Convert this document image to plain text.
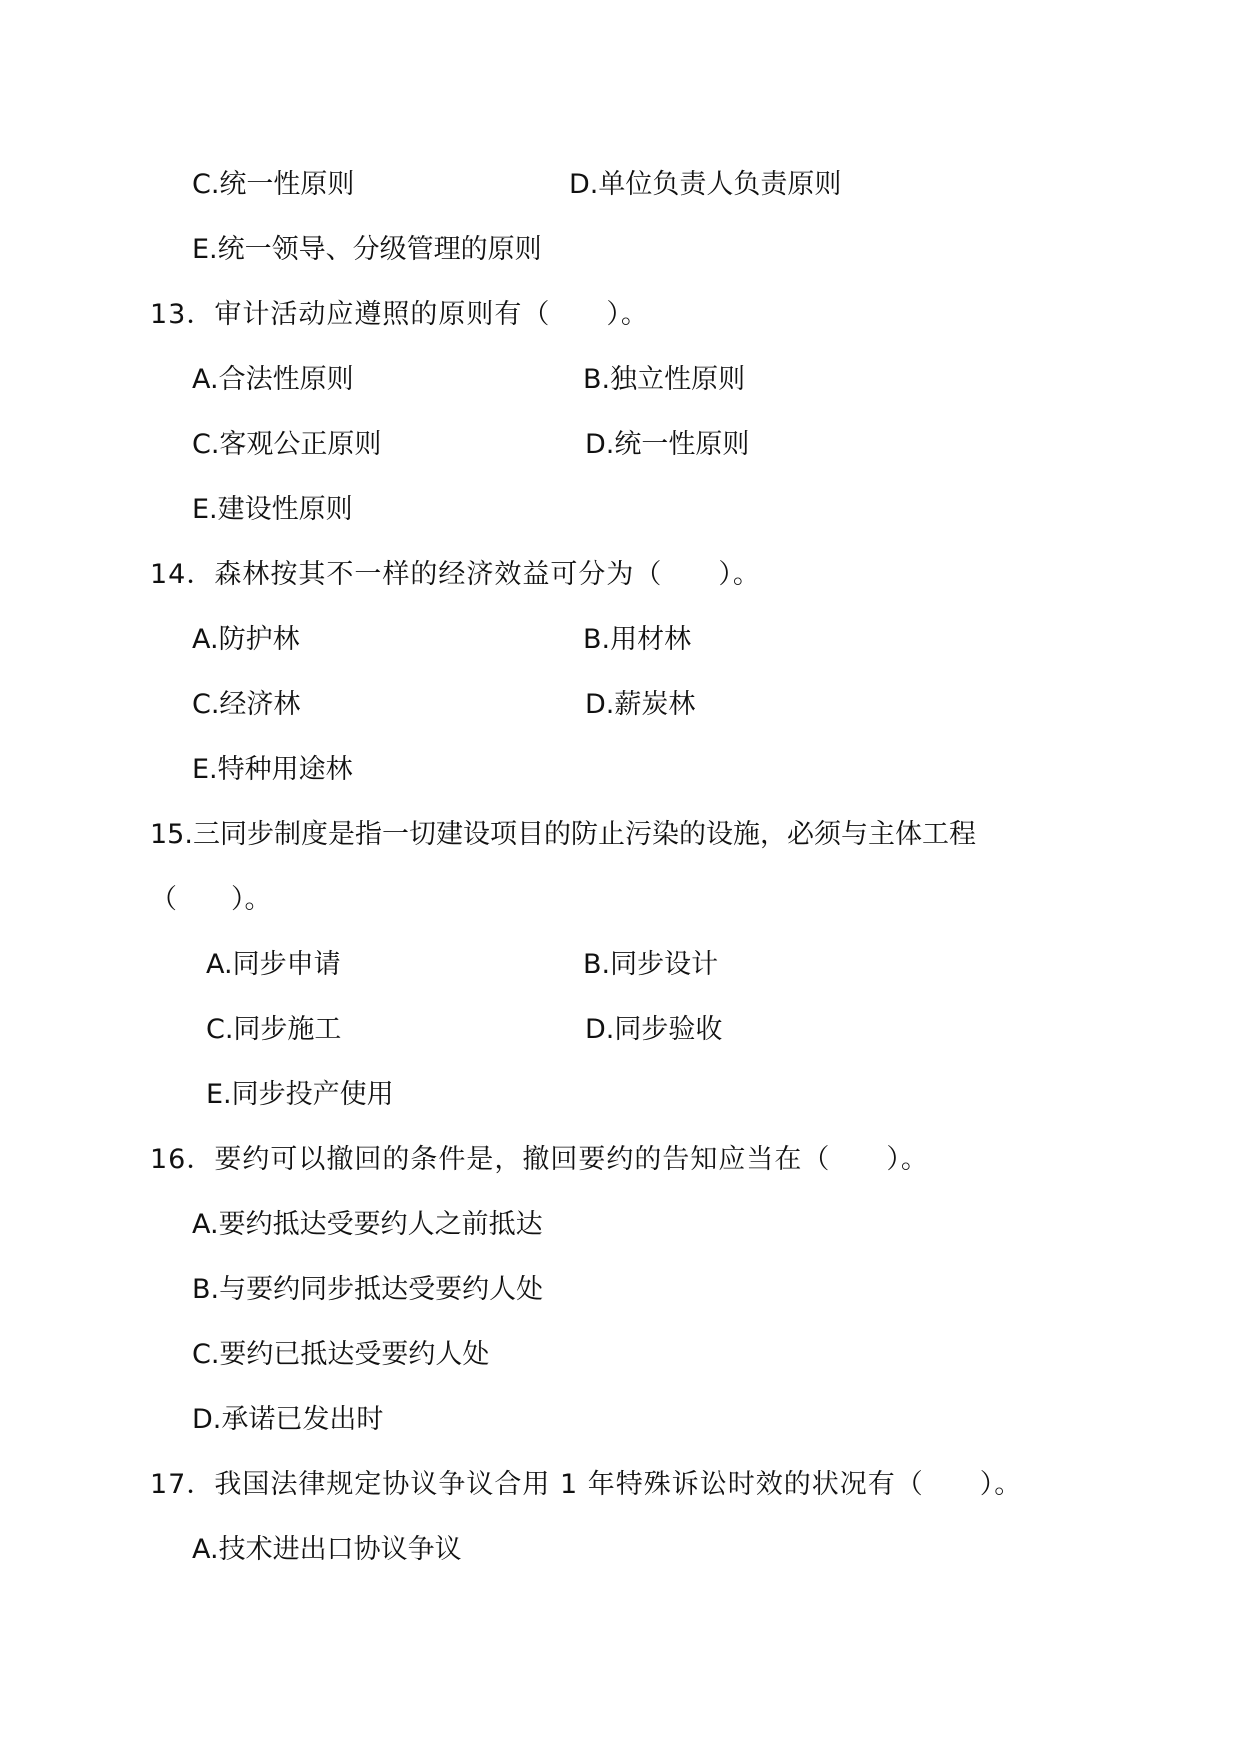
C.统一性原则	D.单位负责人负责原则
E.统一领导、分级管理的原则
13．审计活动应遵照的原则有（　　）。
A.合法性原则	B.独立性原则
C.客观公正原则	D.统一性原则
E.建设性原则
14．森林按其不一样的经济效益可分为（　　）。
A.防护林	B.用材林
C.经济林	D.薪炭林
E.特种用途林
15.三同步制度是指一切建设项目的防止污染的设施，必须与主体工程
（　　）。
A.同步申请	B.同步设计
C.同步施工	D.同步验收
E.同步投产使用
16．要约可以撤回的条件是，撤回要约的告知应当在（　　）。
A.要约抵达受要约人之前抵达
B.与要约同步抵达受要约人处
C.要约已抵达受要约人处
D.承诺已发出时
17．我国法律规定协议争议合用 1 年特殊诉讼时效的状况有（　　）。
A.技术进出口协议争议
